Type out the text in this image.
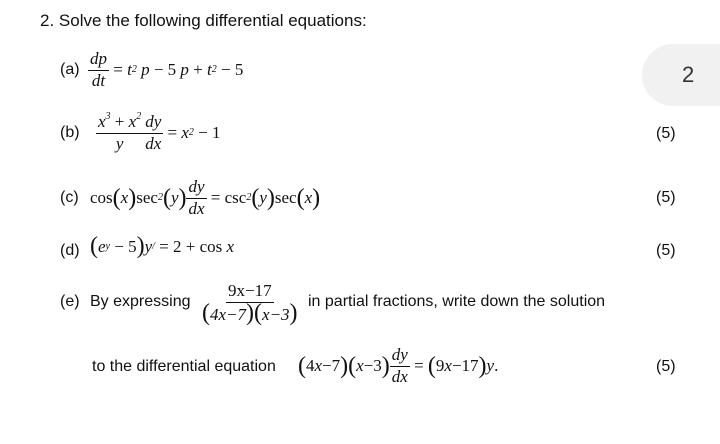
2. Solve the following differential equations:
2
$(a) \frac{dp}{dt} = t$ 2 p − 5 p + t 2 − 5
$(b) \frac{x^3 + x^2}{y} \frac{dy}{dx} = x$ 2 − 1	(5)
(c) cos ( x ) sec 2 ( y ) $\frac{dy}{dx} = \csc 2$ ( y ) sec ( x )	(5)
(d) ( e y − 5 ) y / = 2 + cos x	(5)
(e) By expressing $\frac{9x-17}{(4x-7)(x-3)}$ in partial fractions, write down the solution
to the differential equation ( 4 x −7 )( x −3 ) $\frac{dy}{dx}$ = ( 9 x −17 ) y .	(5)
